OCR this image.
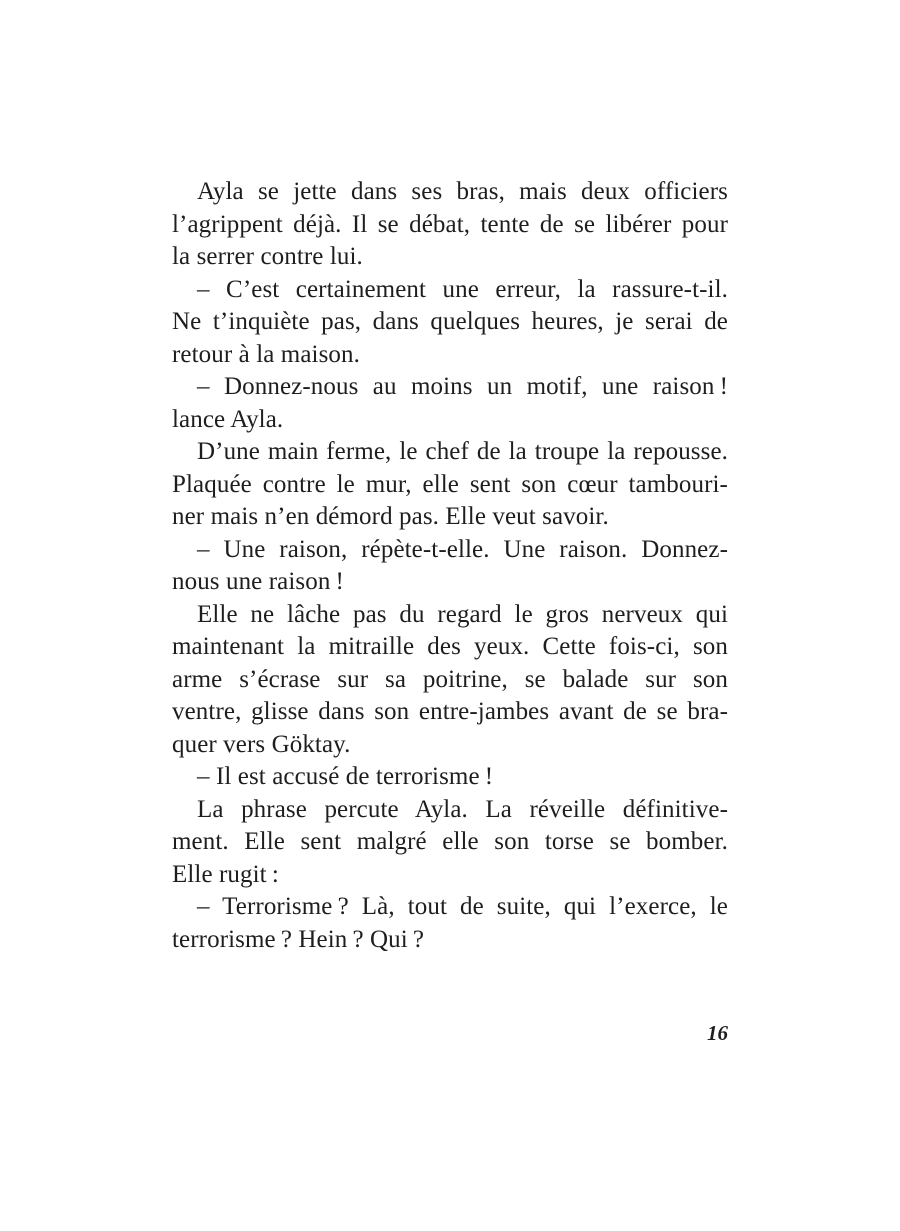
Ayla se jette dans ses bras, mais deux officiers
l’agrippent déjà. Il se débat, tente de se libérer pour
la serrer contre lui.
– C’est certainement une erreur, la rassure-t-il.
Ne t’inquiète pas, dans quelques heures, je serai de
retour à la maison.
– Donnez-nous au moins un motif, une raison !
lance Ayla.
D’une main ferme, le chef de la troupe la repousse.
Plaquée contre le mur, elle sent son cœur tambouri-
ner mais n’en démord pas. Elle veut savoir.
– Une raison, répète-t-elle. Une raison. Donnez-
nous une raison !
Elle ne lâche pas du regard le gros nerveux qui
maintenant la mitraille des yeux. Cette fois-ci, son
arme s’écrase sur sa poitrine, se balade sur son
ventre, glisse dans son entre-jambes avant de se bra-
quer vers Göktay.
– Il est accusé de terrorisme !
La phrase percute Ayla. La réveille définitive-
ment. Elle sent malgré elle son torse se bomber.
Elle rugit :
– Terrorisme ? Là, tout de suite, qui l’exerce, le
terrorisme ? Hein ? Qui ?
16
